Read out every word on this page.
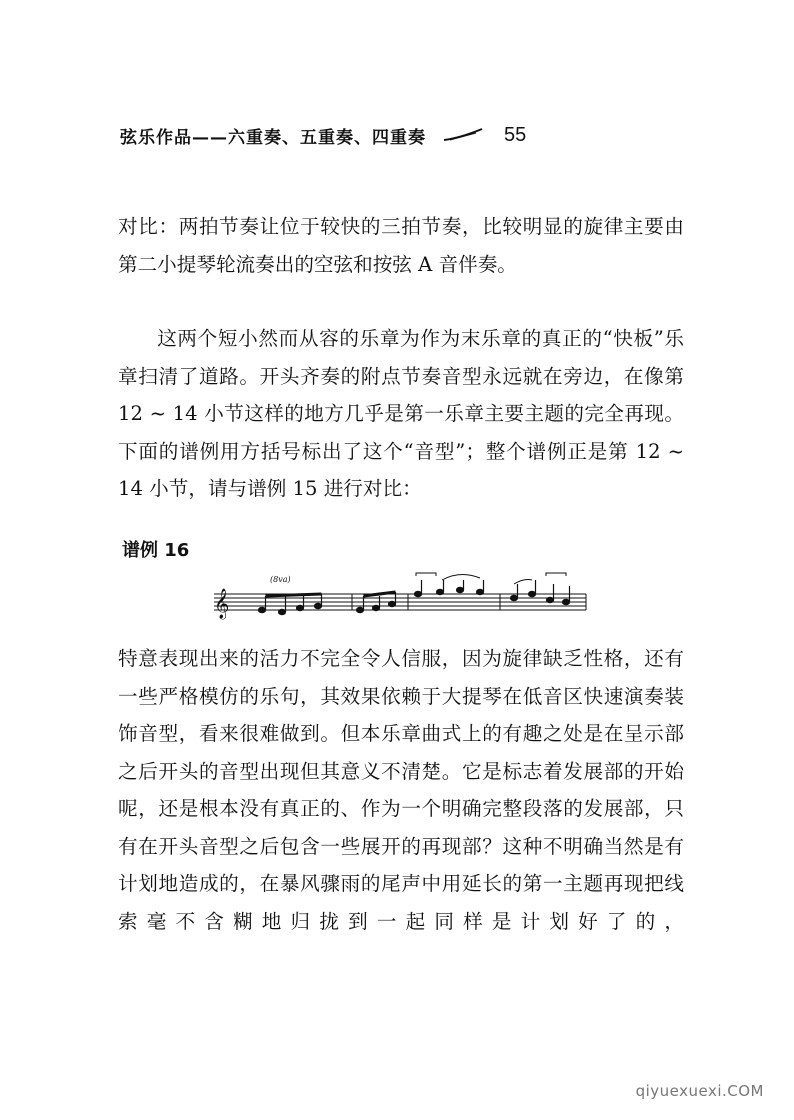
弦乐作品——六重奏、五重奏、四重奏	55

对比：两拍节奏让位于较快的三拍节奏，比较明显的旋律主要由第二小提琴轮流奏出的空弦和按弦 A 音伴奏。

这两个短小然而从容的乐章为作为末乐章的真正的“快板”乐章扫清了道路。开头齐奏的附点节奏音型永远就在旁边，在像第 12 ~ 14 小节这样的地方几乎是第一乐章主要主题的完全再现。下面的谱例用方括号标出了这个“音型”；整个谱例正是第 12 ~ 14 小节，请与谱例 15 进行对比：

谱例 16
𝄞
(8va)

特意表现出来的活力不完全令人信服，因为旋律缺乏性格，还有一些严格模仿的乐句，其效果依赖于大提琴在低音区快速演奏装饰音型，看来很难做到。但本乐章曲式上的有趣之处是在呈示部之后开头的音型出现但其意义不清楚。它是标志着发展部的开始呢，还是根本没有真正的、作为一个明确完整段落的发展部，只有在开头音型之后包含一些展开的再现部？这种不明确当然是有计划地造成的，在暴风骤雨的尾声中用延长的第一主题再现把线索毫不含糊地归拢到一起同样是计划好了的，

qiyuexuexi.COM
